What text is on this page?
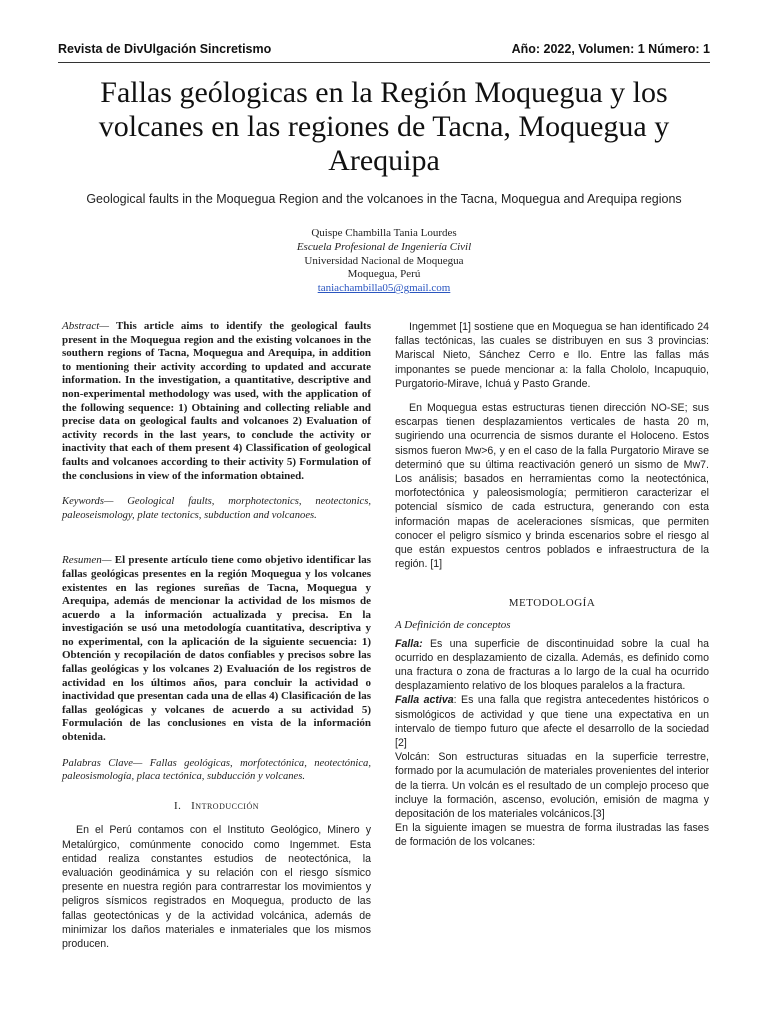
Revista de DivUlgación Sincretismo	Año: 2022, Volumen: 1 Número: 1
Fallas geólogicas en la Región Moquegua y los volcanes en las regiones de Tacna, Moquegua y Arequipa
Geological faults in the Moquegua Region and the volcanoes in the Tacna, Moquegua and Arequipa regions
Quispe Chambilla Tania Lourdes
Escuela Profesional de Ingeniería Civil
Universidad Nacional de Moquegua
Moquegua, Perú
taniachambilla05@gmail.com

Abstract— This article aims to identify the geological faults present in the Moquegua region and the existing volcanoes in the southern regions of Tacna, Moquegua and Arequipa, in addition to mentioning their activity according to updated and accurate information. In the investigation, a quantitative, descriptive and non-experimental methodology was used, with the application of the following sequence: 1) Obtaining and collecting reliable and precise data on geological faults and volcanoes 2) Evaluation of activity records in the last years, to conclude the activity or inactivity that each of them present 4) Classification of geological faults and volcanoes according to their activity 5) Formulation of the conclusions in view of the information obtained.

Keywords— Geological faults, morphotectonics, neotectonics, paleoseismology, plate tectonics, subduction and volcanoes.

Resumen— El presente artículo tiene como objetivo identificar las fallas geológicas presentes en la región Moquegua y los volcanes existentes en las regiones sureñas de Tacna, Moquegua y Arequipa, además de mencionar la actividad de los mismos de acuerdo a la información actualizada y precisa. En la investigación se usó una metodología cuantitativa, descriptiva y no experimental, con la aplicación de la siguiente secuencia: 1) Obtención y recopilación de datos confiables y precisos sobre las fallas geológicas y los volcanes 2) Evaluación de los registros de actividad en los últimos años, para concluir la actividad o inactividad que presentan cada una de ellas 4) Clasificación de las fallas geológicas y volcanes de acuerdo a su actividad 5) Formulación de las conclusiones en vista de la información obtenida.

Palabras Clave— Fallas geológicas, morfotectónica, neotectónica, paleosismología, placa tectónica, subducción y volcanes.

I. Introducción

En el Perú contamos con el Instituto Geológico, Minero y Metalúrgico, comúnmente conocido como Ingemmet. Esta entidad realiza constantes estudios de neotectónica, la evaluación geodinámica y su relación con el riesgo sísmico presente en nuestra región para contrarrestar los movimientos y peligros sísmicos registrados en Moquegua, producto de las fallas geotectónicas y de la actividad volcánica, además de minimizar los daños materiales e inmateriales que los mismos producen.

Ingemmet [1] sostiene que en Moquegua se han identificado 24 fallas tectónicas, las cuales se distribuyen en sus 3 provincias: Mariscal Nieto, Sánchez Cerro e Ilo. Entre las fallas más imponantes se puede mencionar a: la falla Chololo, Incapuquio, Purgatorio-Mirave, Ichuá y Pasto Grande.

En Moquegua estas estructuras tienen dirección NO-SE; sus escarpas tienen desplazamientos verticales de hasta 20 m, sugiriendo una ocurrencia de sismos durante el Holoceno. Estos sismos fueron Mw>6, y en el caso de la falla Purgatorio Mirave se determinó que su última reactivación generó un sismo de Mw7. Los análisis; basados en herramientas como la neotectónica, morfotectónica y paleosismología; permitieron caracterizar el potencial sísmico de cada estructura, generando con esta información mapas de aceleraciones sísmicas, que permiten conocer el peligro sísmico y brinda escenarios sobre el riesgo al que están expuestos centros poblados e infraestructura de la región. [1]

METODOLOGÍA
A Definición de conceptos

Falla: Es una superficie de discontinuidad sobre la cual ha ocurrido en desplazamiento de cizalla. Además, es definido como una fractura o zona de fracturas a lo largo de la cual ha ocurrido desplazamiento relativo de los bloques paralelos a la fractura.

Falla activa: Es una falla que registra antecedentes históricos o sismológicos de actividad y que tiene una expectativa en un intervalo de tiempo futuro que afecte el desarrollo de la sociedad [2]

Volcán: Son estructuras situadas en la superficie terrestre, formado por la acumulación de materiales provenientes del interior de la tierra. Un volcán es el resultado de un complejo proceso que incluye la formación, ascenso, evolución, emisión de magma y depositación de los materiales volcánicos.[3]

En la siguiente imagen se muestra de forma ilustradas las fases de formación de los volcanes:
